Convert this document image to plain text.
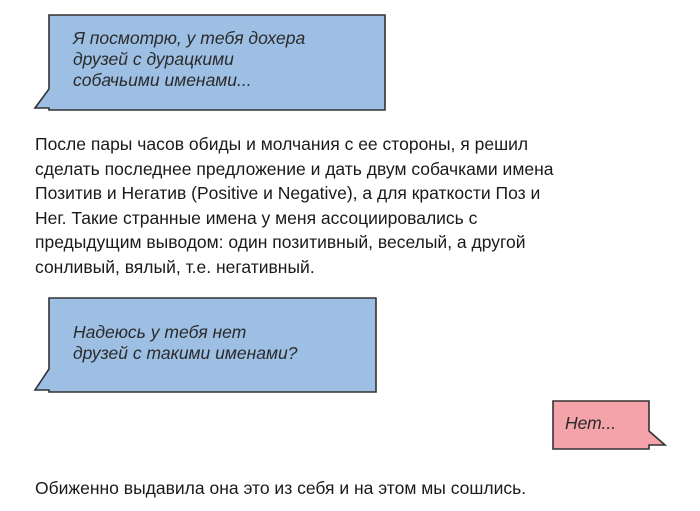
Я посмотрю, у тебя дохера
друзей с дурацкими
собачьими именами...
После пары часов обиды и молчания с ее стороны, я решил
сделать последнее предложение и дать двум собачками имена
Позитив и Негатив (Positive и Negative), а для краткости Поз и
Нег. Такие странные имена у меня ассоциировались с
предыдущим выводом: один позитивный, веселый, а другой
сонливый, вялый, т.е. негативный.
Надеюсь у тебя нет
друзей с такими именами?
Нет...
Обиженно выдавила она это из себя и на этом мы сошлись.
